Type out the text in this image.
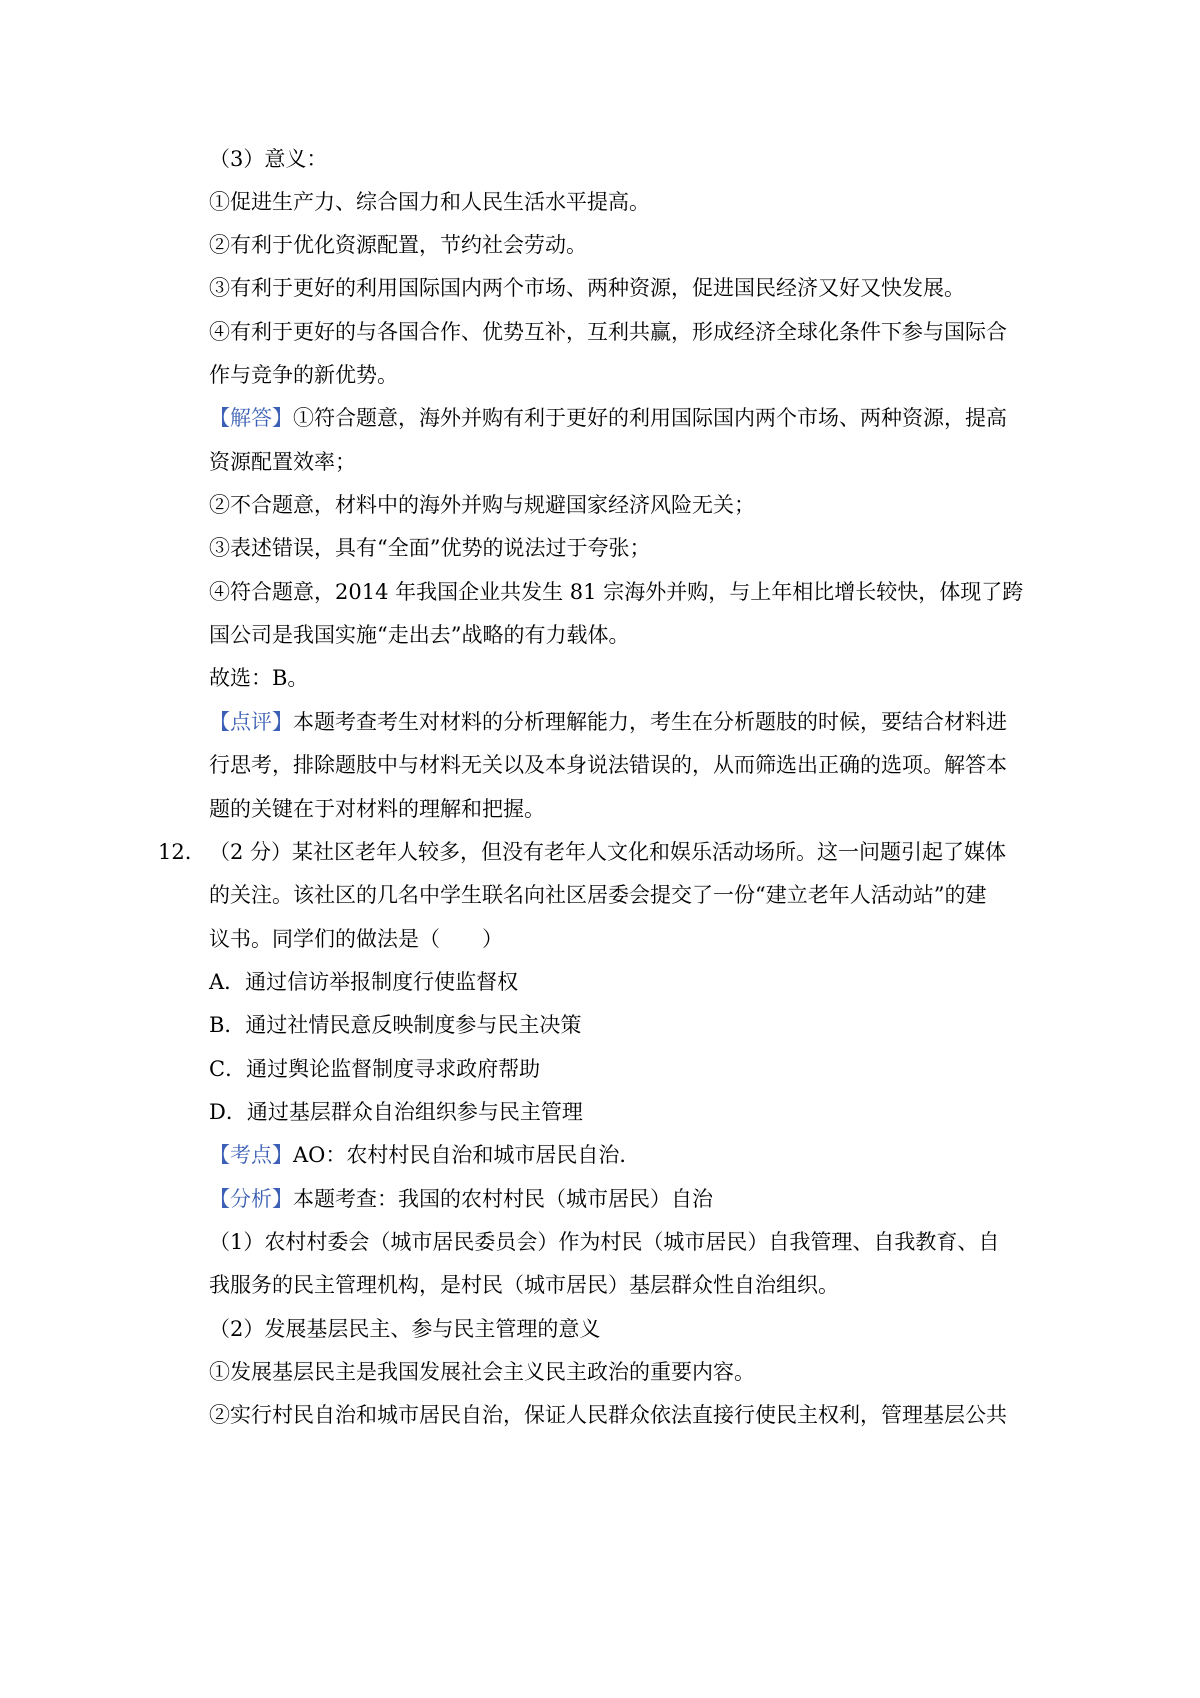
（3）意义：
①促进生产力、综合国力和人民生活水平提高。
②有利于优化资源配置，节约社会劳动。
③有利于更好的利用国际国内两个市场、两种资源，促进国民经济又好又快发展。
④有利于更好的与各国合作、优势互补，互利共赢，形成经济全球化条件下参与国际合
作与竞争的新优势。
【解答】①符合题意，海外并购有利于更好的利用国际国内两个市场、两种资源，提高
资源配置效率；
②不合题意，材料中的海外并购与规避国家经济风险无关；
③表述错误，具有“全面”优势的说法过于夸张；
④符合题意，2014 年我国企业共发生 81 宗海外并购，与上年相比增长较快，体现了跨
国公司是我国实施“走出去”战略的有力载体。
故选：B。
【点评】本题考查考生对材料的分析理解能力，考生在分析题肢的时候，要结合材料进
行思考，排除题肢中与材料无关以及本身说法错误的，从而筛选出正确的选项。解答本
题的关键在于对材料的理解和把握。
12. （2 分）某社区老年人较多，但没有老年人文化和娱乐活动场所。这一问题引起了媒体
的关注。该社区的几名中学生联名向社区居委会提交了一份“建立老年人活动站”的建
议书。同学们的做法是（　　）
A．通过信访举报制度行使监督权
B．通过社情民意反映制度参与民主决策
C．通过舆论监督制度寻求政府帮助
D．通过基层群众自治组织参与民主管理
【考点】AO：农村村民自治和城市居民自治．
【分析】本题考查：我国的农村村民（城市居民）自治
（1）农村村委会（城市居民委员会）作为村民（城市居民）自我管理、自我教育、自
我服务的民主管理机构，是村民（城市居民）基层群众性自治组织。
（2）发展基层民主、参与民主管理的意义
①发展基层民主是我国发展社会主义民主政治的重要内容。
②实行村民自治和城市居民自治，保证人民群众依法直接行使民主权利，管理基层公共
